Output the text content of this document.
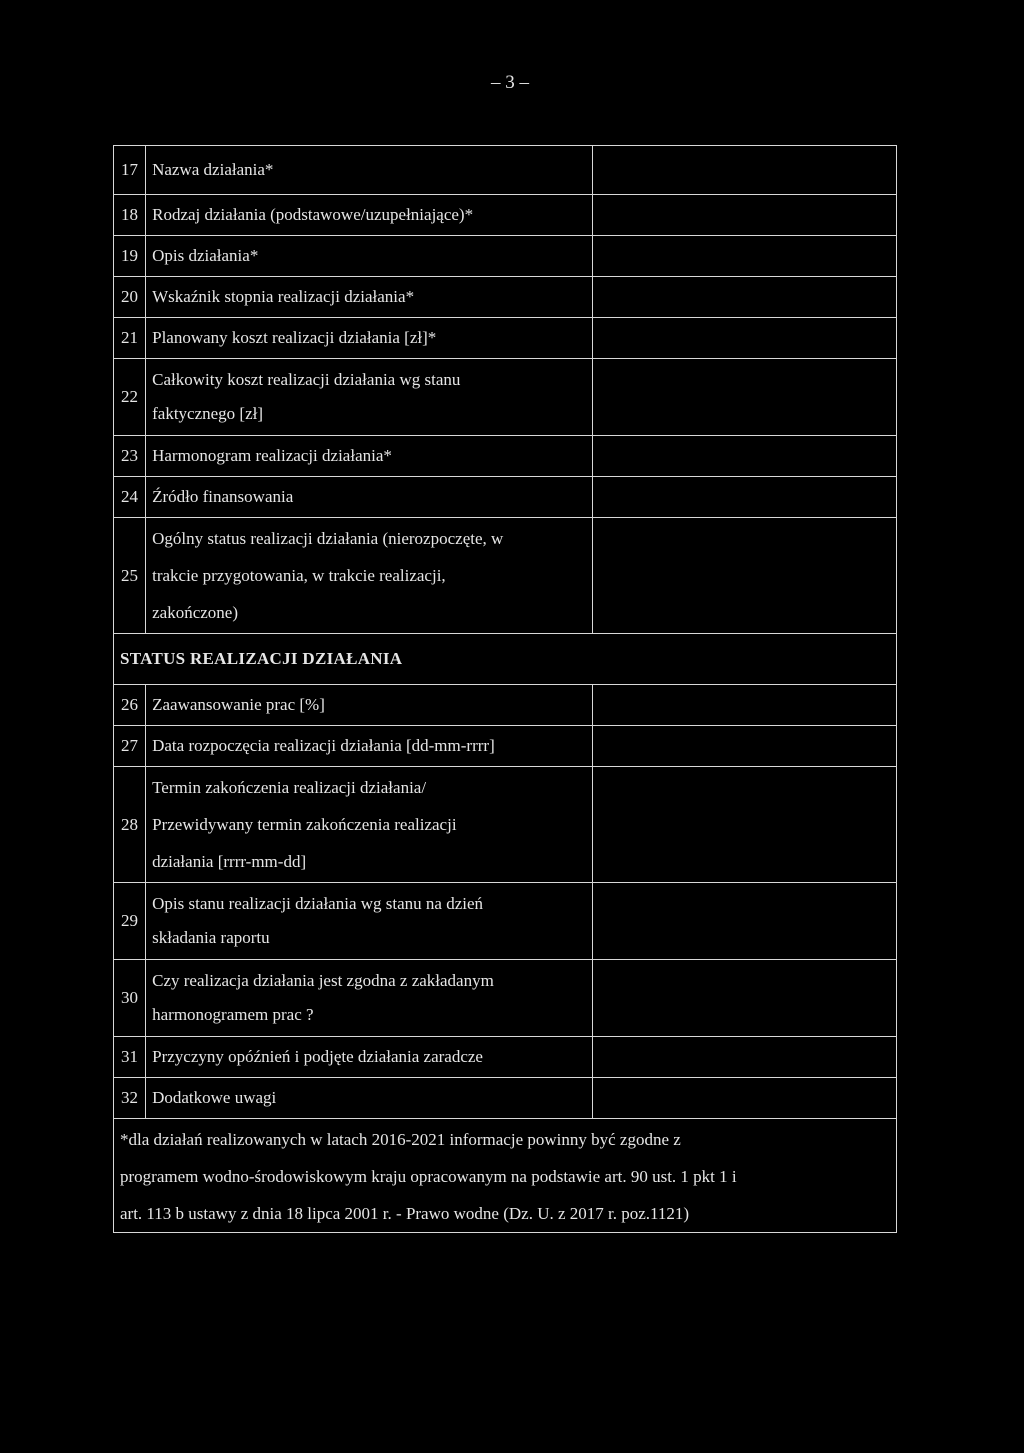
– 3 –
17	Nazwa działania*	
18	Rodzaj działania (podstawowe/uzupełniające)*	
19	Opis działania*	
20	Wskaźnik stopnia realizacji działania*	
21	Planowany koszt realizacji działania [zł]*	
22	Całkowity koszt realizacji działania wg stanu
faktycznego [zł]	

23	Harmonogram realizacji działania*	
24	Źródło finansowania	
25	Ogólny status realizacji działania (nierozpoczęte, w
trakcie przygotowania, w trakcie realizacji,
zakończone)	

STATUS REALIZACJI DZIAŁANIA		
26	Zaawansowanie prac [%]	
27	Data rozpoczęcia realizacji działania [dd-mm-rrrr]	
28	Termin zakończenia realizacji działania/
Przewidywany termin zakończenia realizacji
działania [rrrr-mm-dd]	

29	Opis stanu realizacji działania wg stanu na dzień
składania raportu	

30	Czy realizacja działania jest zgodna z zakładanym
harmonogramem prac ?	

31	Przyczyny opóźnień i podjęte działania zaradcze	
32	Dodatkowe uwagi	
*dla działań realizowanych w latach 2016-2021 informacje powinny być zgodne z
programem wodno-środowiskowym kraju opracowanym na podstawie art. 90 ust. 1 pkt 1 i
art. 113 b ustawy z dnia 18 lipca 2001 r. - Prawo wodne (Dz. U. z 2017 r. poz.1121)		
